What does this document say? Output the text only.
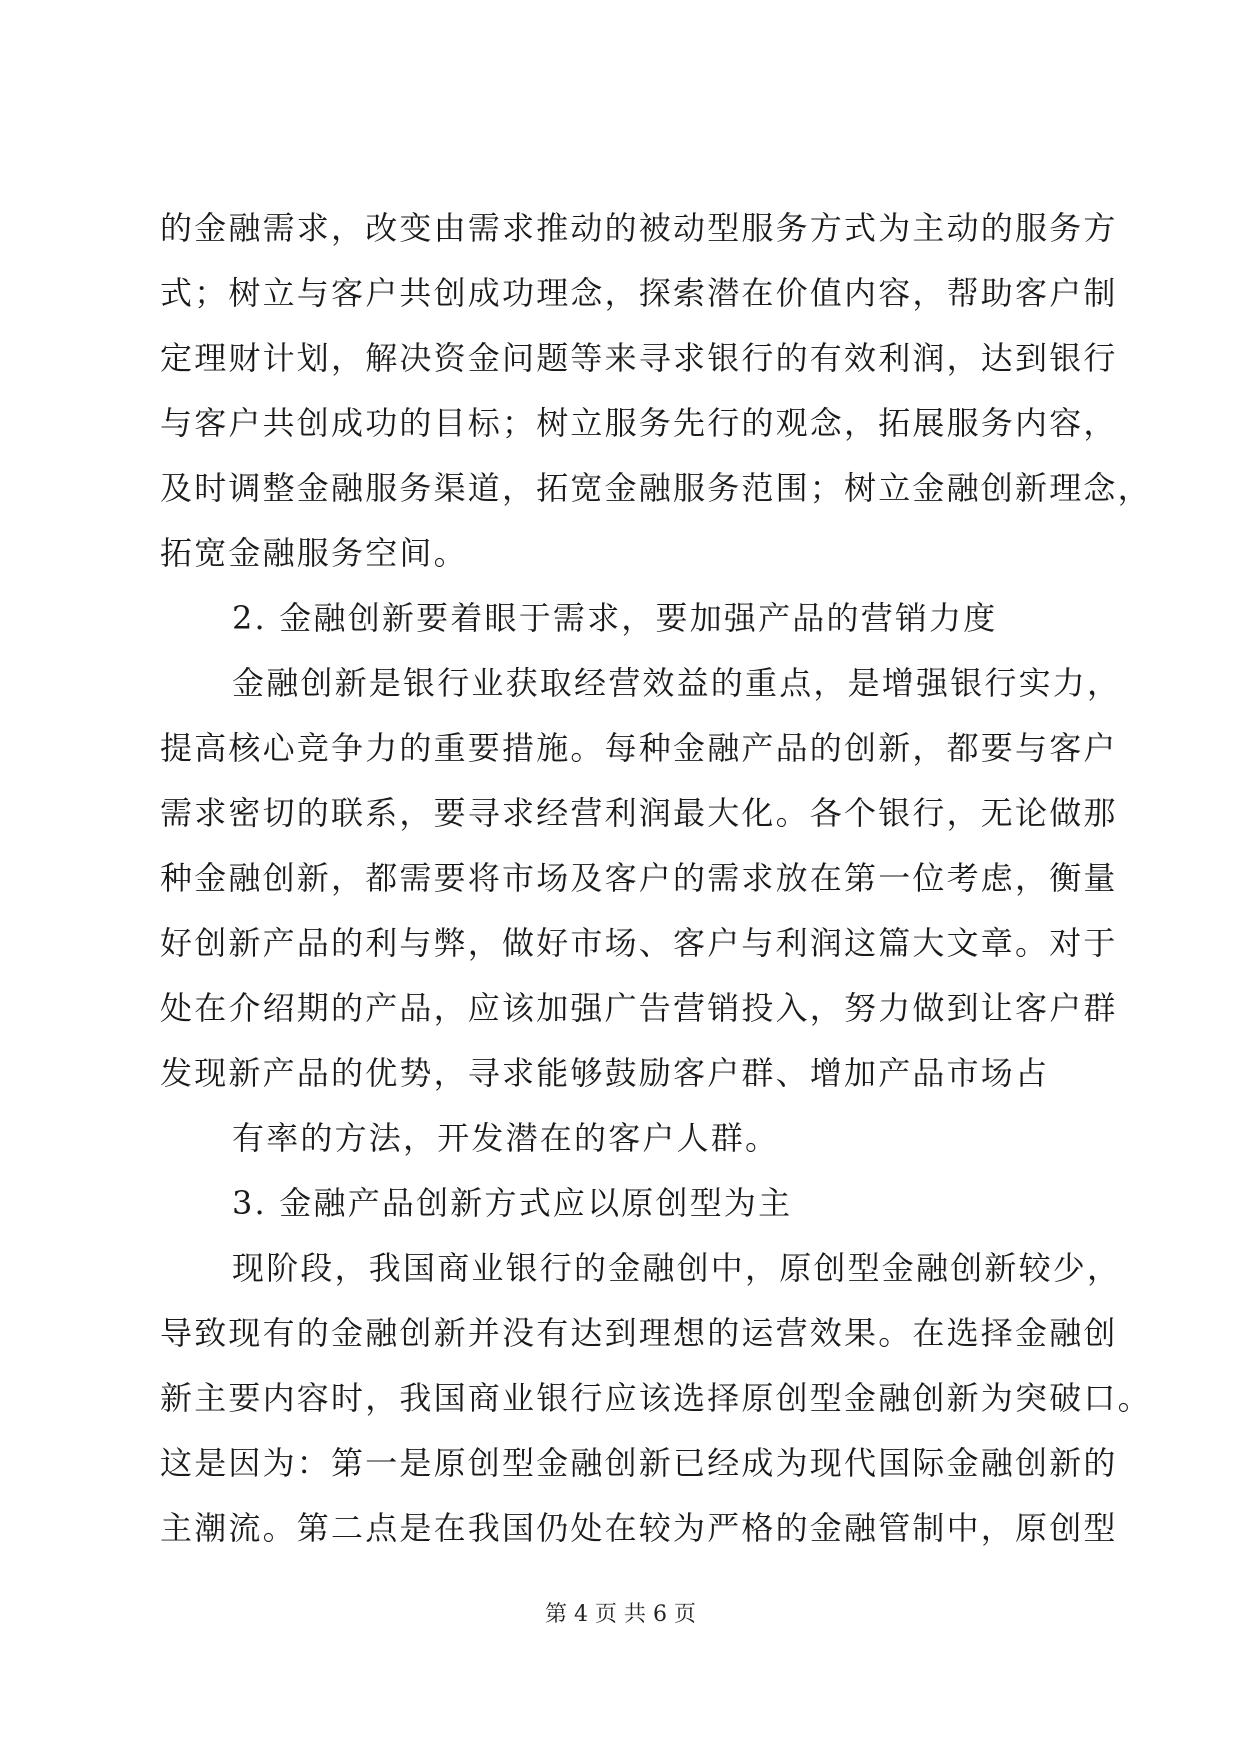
的金融需求，改变由需求推动的被动型服务方式为主动的服务方
式；树立与客户共创成功理念，探索潜在价值内容，帮助客户制
定理财计划，解决资金问题等来寻求银行的有效利润，达到银行
与客户共创成功的目标；树立服务先行的观念，拓展服务内容，
及时调整金融服务渠道，拓宽金融服务范围；树立金融创新理念，
拓宽金融服务空间。
2. 金融创新要着眼于需求，要加强产品的营销力度
金融创新是银行业获取经营效益的重点，是增强银行实力，
提高核心竞争力的重要措施。每种金融产品的创新，都要与客户
需求密切的联系，要寻求经营利润最大化。各个银行，无论做那
种金融创新，都需要将市场及客户的需求放在第一位考虑，衡量
好创新产品的利与弊，做好市场、客户与利润这篇大文章。对于
处在介绍期的产品，应该加强广告营销投入，努力做到让客户群
发现新产品的优势，寻求能够鼓励客户群、增加产品市场占
有率的方法，开发潜在的客户人群。
3. 金融产品创新方式应以原创型为主
现阶段，我国商业银行的金融创中，原创型金融创新较少，
导致现有的金融创新并没有达到理想的运营效果。在选择金融创
新主要内容时，我国商业银行应该选择原创型金融创新为突破口。
这是因为：第一是原创型金融创新已经成为现代国际金融创新的
主潮流。第二点是在我国仍处在较为严格的金融管制中，原创型
第 4 页 共 6 页
